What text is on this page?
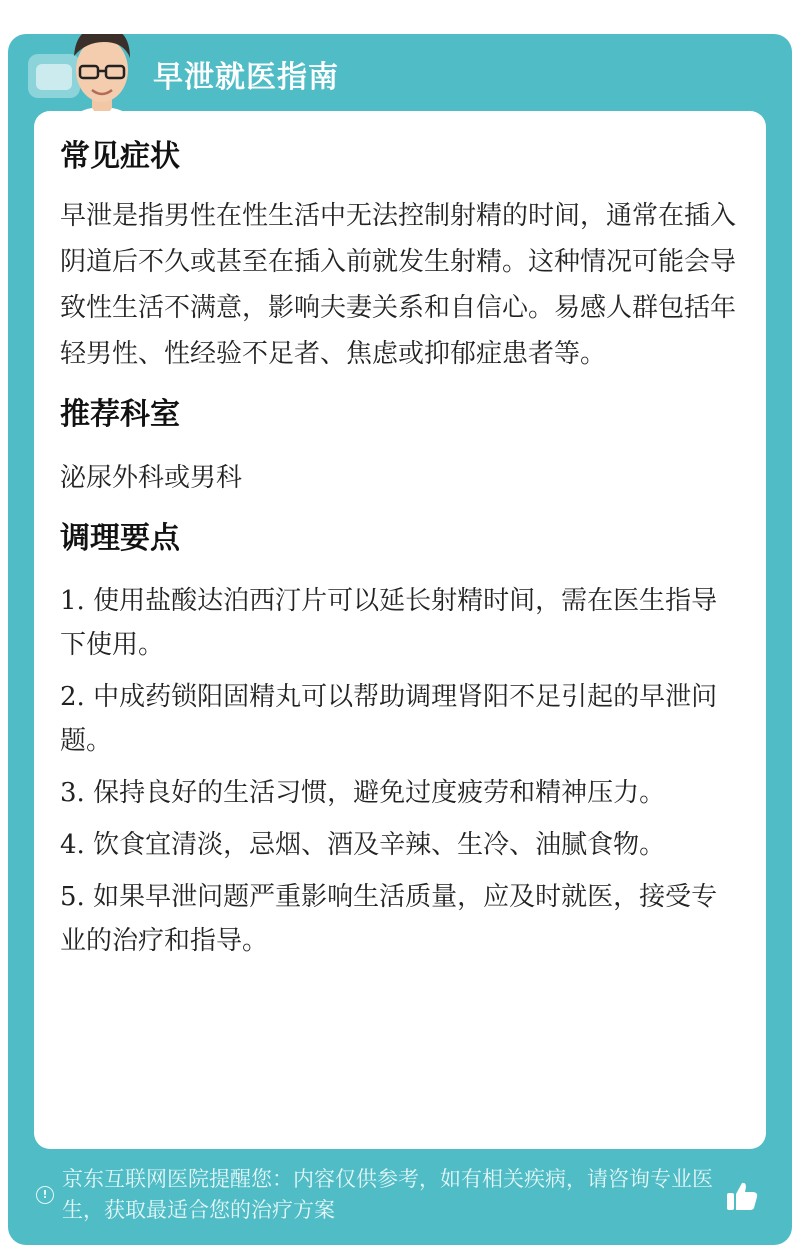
早泄就医指南
常见症状

早泄是指男性在性生活中无法控制射精的时间，通常在插入阴道后不久或甚至在插入前就发生射精。这种情况可能会导致性生活不满意，影响夫妻关系和自信心。易感人群包括年轻男性、性经验不足者、焦虑或抑郁症患者等。

推荐科室

泌尿外科或男科

调理要点

1. 使用盐酸达泊西汀片可以延长射精时间，需在医生指导下使用。

2. 中成药锁阳固精丸可以帮助调理肾阳不足引起的早泄问题。

3. 保持良好的生活习惯，避免过度疲劳和精神压力。

4. 饮食宜清淡，忌烟、酒及辛辣、生冷、油腻食物。

5. 如果早泄问题严重影响生活质量，应及时就医，接受专业的治疗和指导。

!
京东互联网医院提醒您：内容仅供参考，如有相关疾病，请咨询专业医生，获取最适合您的治疗方案
